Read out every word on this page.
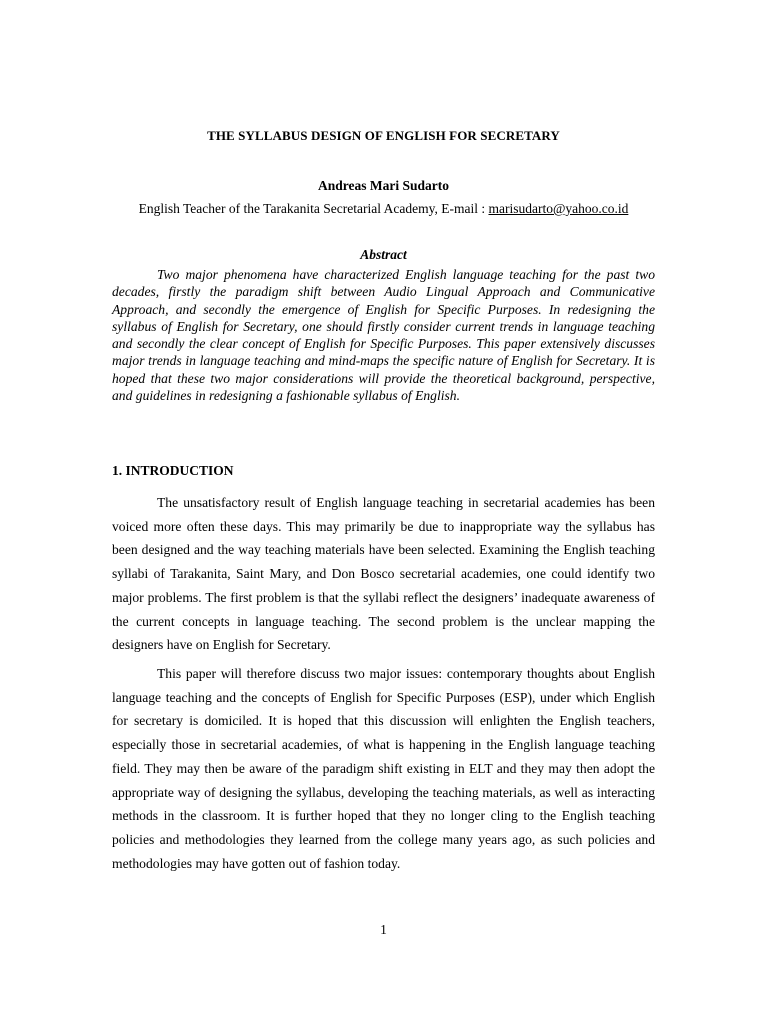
THE SYLLABUS DESIGN OF ENGLISH FOR SECRETARY
Andreas Mari Sudarto
English Teacher of the Tarakanita Secretarial Academy, E-mail : marisudarto@yahoo.co.id
Abstract

Two major phenomena have characterized English language teaching for the past two decades, firstly the paradigm shift between Audio Lingual Approach and Communicative Approach, and secondly the emergence of English for Specific Purposes. In redesigning the syllabus of English for Secretary, one should firstly consider current trends in language teaching and secondly the clear concept of English for Specific Purposes. This paper extensively discusses major trends in language teaching and mind-maps the specific nature of English for Secretary. It is hoped that these two major considerations will provide the theoretical background, perspective, and guidelines in redesigning a fashionable syllabus of English.

1. INTRODUCTION

The unsatisfactory result of English language teaching in secretarial academies has been voiced more often these days. This may primarily be due to inappropriate way the syllabus has been designed and the way teaching materials have been selected. Examining the English teaching syllabi of Tarakanita, Saint Mary, and Don Bosco secretarial academies, one could identify two major problems. The first problem is that the syllabi reflect the designers’ inadequate awareness of the current concepts in language teaching. The second problem is the unclear mapping the designers have on English for Secretary.

This paper will therefore discuss two major issues: contemporary thoughts about English language teaching and the concepts of English for Specific Purposes (ESP), under which English for secretary is domiciled. It is hoped that this discussion will enlighten the English teachers, especially those in secretarial academies, of what is happening in the English language teaching field. They may then be aware of the paradigm shift existing in ELT and they may then adopt the appropriate way of designing the syllabus, developing the teaching materials, as well as interacting methods in the classroom. It is further hoped that they no longer cling to the English teaching policies and methodologies they learned from the college many years ago, as such policies and methodologies may have gotten out of fashion today.

1
